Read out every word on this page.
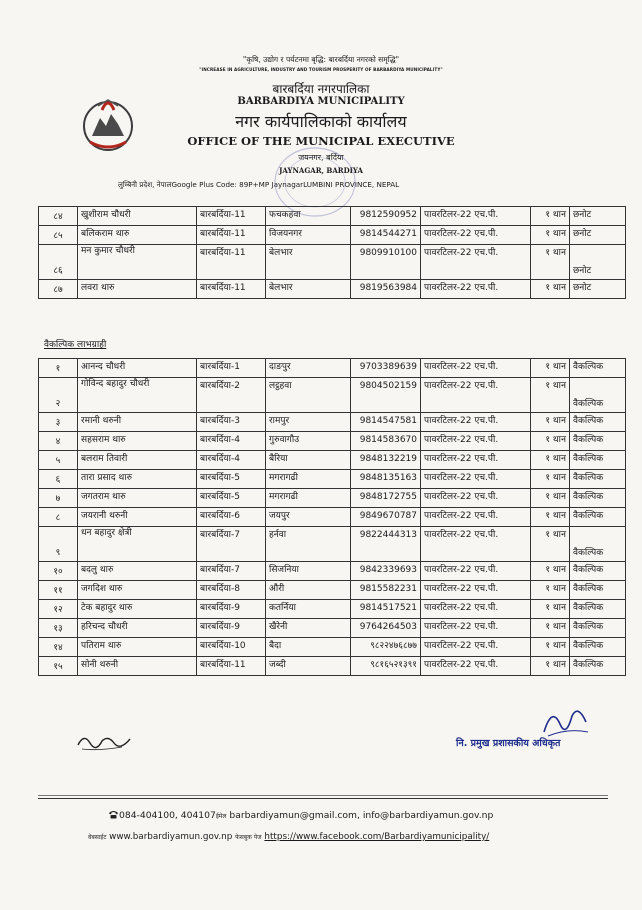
"कृषि, उद्योग र पर्यटनमा बृद्धि: बारबर्दिया नगरको समृद्धि"
"INCREASE IN AGRICULTURE, INDUSTRY AND TOURISM PROSPERITY OF BARBARDIYA MUNICIPALITY"
बारबर्दिया नगरपालिका
BARBARDIYA MUNICIPALITY
नगर कार्यपालिकाको कार्यालय
OFFICE OF THE MUNICIPAL EXECUTIVE
जयनगर, बर्दिया
JAYNAGAR, BARDIYA
लुम्बिनी प्रदेश, नेपालGoogle Plus Code: 89P+MP JaynagarLUMBINI PROVINCE, NEPAL
८४	खुशीराम चौधरी	बारबर्दिया-11	फचकहवा	9812590952	पावरटिलर-22 एच.पी.	१ थान	छनोट
८५	बलिकराम थारु	बारबर्दिया-11	विजयनगर	9814544271	पावरटिलर-22 एच.पी.	१ थान	छनोट
८६	मन कुमार चौधरी	बारबर्दिया-11	बेलभार	9809910100	पावरटिलर-22 एच.पी.	१ थान	छनोट
८७	लवरा थारु	बारबर्दिया-11	बेलभार	9819563984	पावरटिलर-22 एच.पी.	१ थान	छनोट
वैकल्पिक लाभग्राही
१	आनन्द चौधरी	बारबर्दिया-1	दाङपुर	9703389639	पावरटिलर-22 एच.पी.	१ थान	वैकल्पिक
२	गोविन्द बहादुर चौधरी	बारबर्दिया-2	लट्ठहवा	9804502159	पावरटिलर-22 एच.पी.	१ थान	वैकल्पिक
३	रमानी थरुनी	बारबर्दिया-3	रामपुर	9814547581	पावरटिलर-22 एच.पी.	१ थान	वैकल्पिक
४	सहसराम थारु	बारबर्दिया-4	गुरुवागौउ	9814583670	पावरटिलर-22 एच.पी.	१ थान	वैकल्पिक
५	बलराम तिवारी	बारबर्दिया-4	बैरिया	9848132219	पावरटिलर-22 एच.पी.	१ थान	वैकल्पिक
६	तारा प्रसाद थारु	बारबर्दिया-5	मगरागढी	9848135163	पावरटिलर-22 एच.पी.	१ थान	वैकल्पिक
७	जगतराम थारु	बारबर्दिया-5	मगरागढी	9848172755	पावरटिलर-22 एच.पी.	१ थान	वैकल्पिक
८	जयरानी थरुनी	बारबर्दिया-6	जयपुर	9849670787	पावरटिलर-22 एच.पी.	१ थान	वैकल्पिक
९	धन बहादुर क्षेत्री	बारबर्दिया-7	हर्नवा	9822444313	पावरटिलर-22 एच.पी.	१ थान	वैकल्पिक
१०	बदलु थारु	बारबर्दिया-7	सिजनिया	9842339693	पावरटिलर-22 एच.पी.	१ थान	वैकल्पिक
११	जगदिश थारु	बारबर्दिया-8	औरी	9815582231	पावरटिलर-22 एच.पी.	१ थान	वैकल्पिक
१२	टेक बहादुर थारु	बारबर्दिया-9	कतर्निया	9814517521	पावरटिलर-22 एच.पी.	१ थान	वैकल्पिक
१३	हरिचन्द चौधरी	बारबर्दिया-9	खैरेनी	9764264503	पावरटिलर-22 एच.पी.	१ थान	वैकल्पिक
१४	पतिराम थारु	बारबर्दिया-10	बैदा	९८२२४७६८७७	पावरटिलर-22 एच.पी.	१ थान	वैकल्पिक
१५	सोनी थरुनी	बारबर्दिया-11	जब्दी	९८१६५२१३९१	पावरटिलर-22 एच.पी.	१ थान	वैकल्पिक
नि. प्रमुख प्रशासकीय अधिकृत
084-404100, 404107ईमेल barbardiyamun@gmail.com, info@barbardiyamun.gov.np
वेबसाईट www.barbardiyamun.gov.np फेसबुक पेज https://www.facebook.com/Barbardiyamunicipality/
